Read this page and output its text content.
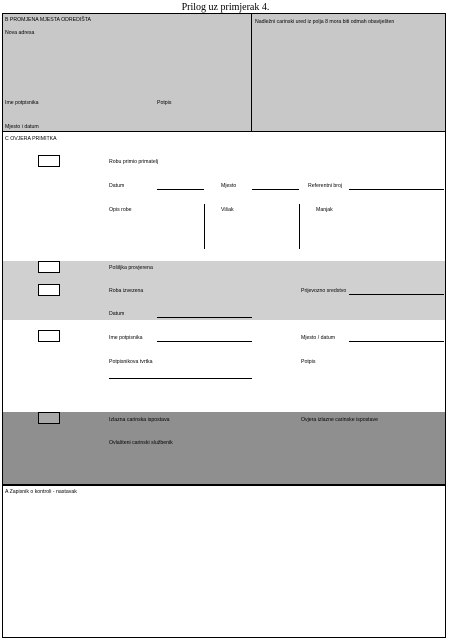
Prilog uz primjerak 4.
B PROMJENA MJESTA ODREDIŠTA
Nova adresa
Ime potpisnika	Potpis
Mjesto i datum
Nadležni carinski ured iz polja 8 mora biti odmah obaviješten
C OVJERA PRIMITKA
Robu primio primatelj
Datum	Mjesto	Referentni broj
Opis robe	Višak	Manjak
Pošiljka provjerena
Roba izvezena	Prijevozno sredstvo
Datum
Ime potpisnika	Mjesto / datum
Potpisnikova tvrtka	Potpis
Izlazna carinska ispostava	Ovjera izlazne carinske ispostave
Ovlašteni carinski službenik
A Zapisnik o kontroli - nastavak
